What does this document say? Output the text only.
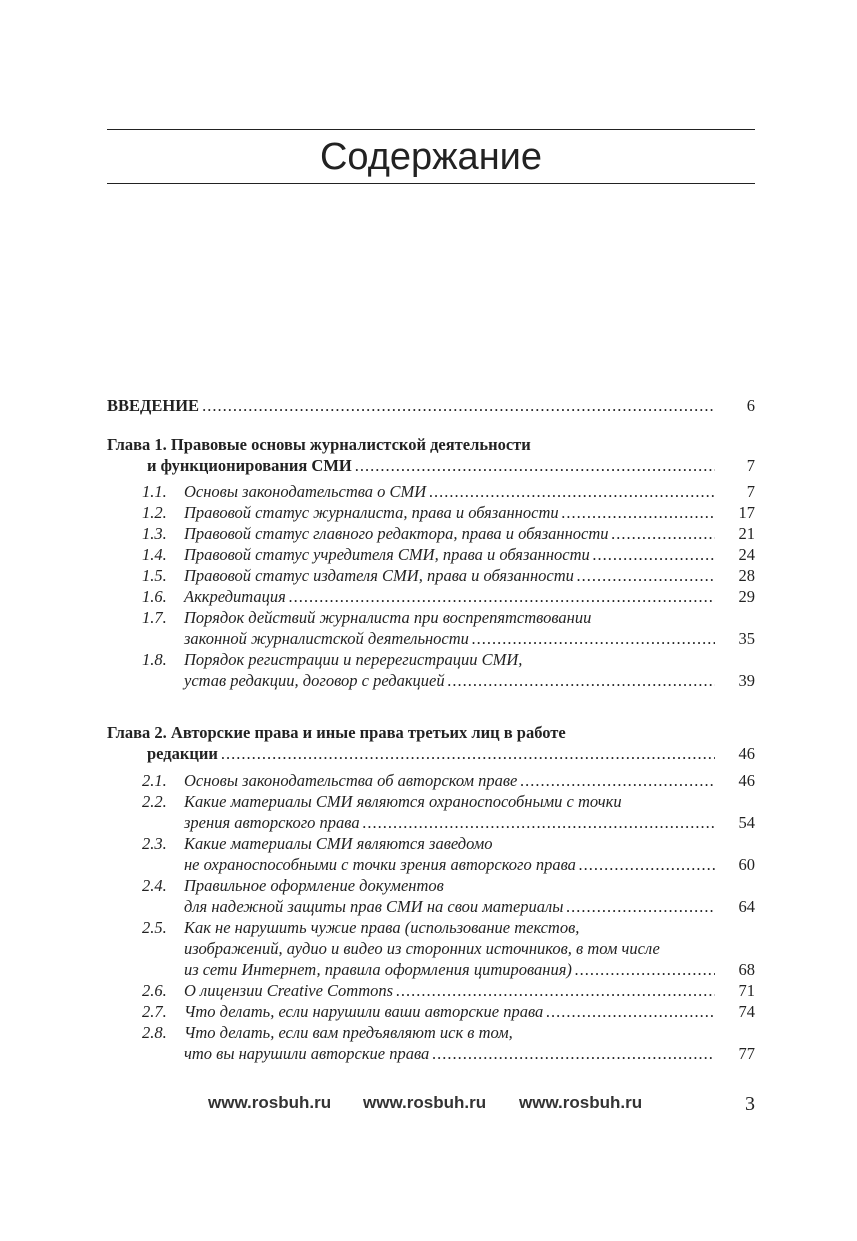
Содержание
ВВЕДЕНИЕ .....	6
Глава 1. Правовые основы журналистской деятельности
и функционирования СМИ .....	7
1.1. Основы законодательства о СМИ .....	7
1.2. Правовой статус журналиста, права и обязанности .....	17
1.3. Правовой статус главного редактора, права и обязанности .....	21
1.4. Правовой статус учредителя СМИ, права и обязанности .....	24
1.5. Правовой статус издателя СМИ, права и обязанности .....	28
1.6. Аккредитация .....	29
1.7. Порядок действий журналиста при воспрепятствовании
законной журналистской деятельности .....	35
1.8. Порядок регистрации и перерегистрации СМИ,
устав редакции, договор с редакцией .....	39
Глава 2. Авторские права и иные права третьих лиц в работе
редакции .....	46
2.1. Основы законодательства об авторском праве .....	46
2.2. Какие материалы СМИ являются охраноспособными с точки
зрения авторского права .....	54
2.3. Какие материалы СМИ являются заведомо
не охраноспособными с точки зрения авторского права .....	60
2.4. Правильное оформление документов
для надежной защиты прав СМИ на свои материалы .....	64
2.5. Как не нарушить чужие права (использование текстов,
изображений, аудио и видео из сторонних источников, в том числе
из сети Интернет, правила оформления цитирования) .....	68
2.6. О лицензии Creative Commons .....	71
2.7. Что делать, если нарушили ваши авторские права .....	74
2.8. Что делать, если вам предъявляют иск в том,
что вы нарушили авторские права .....	77
www.rosbuh.ru www.rosbuh.ru www.rosbuh.ru	3
